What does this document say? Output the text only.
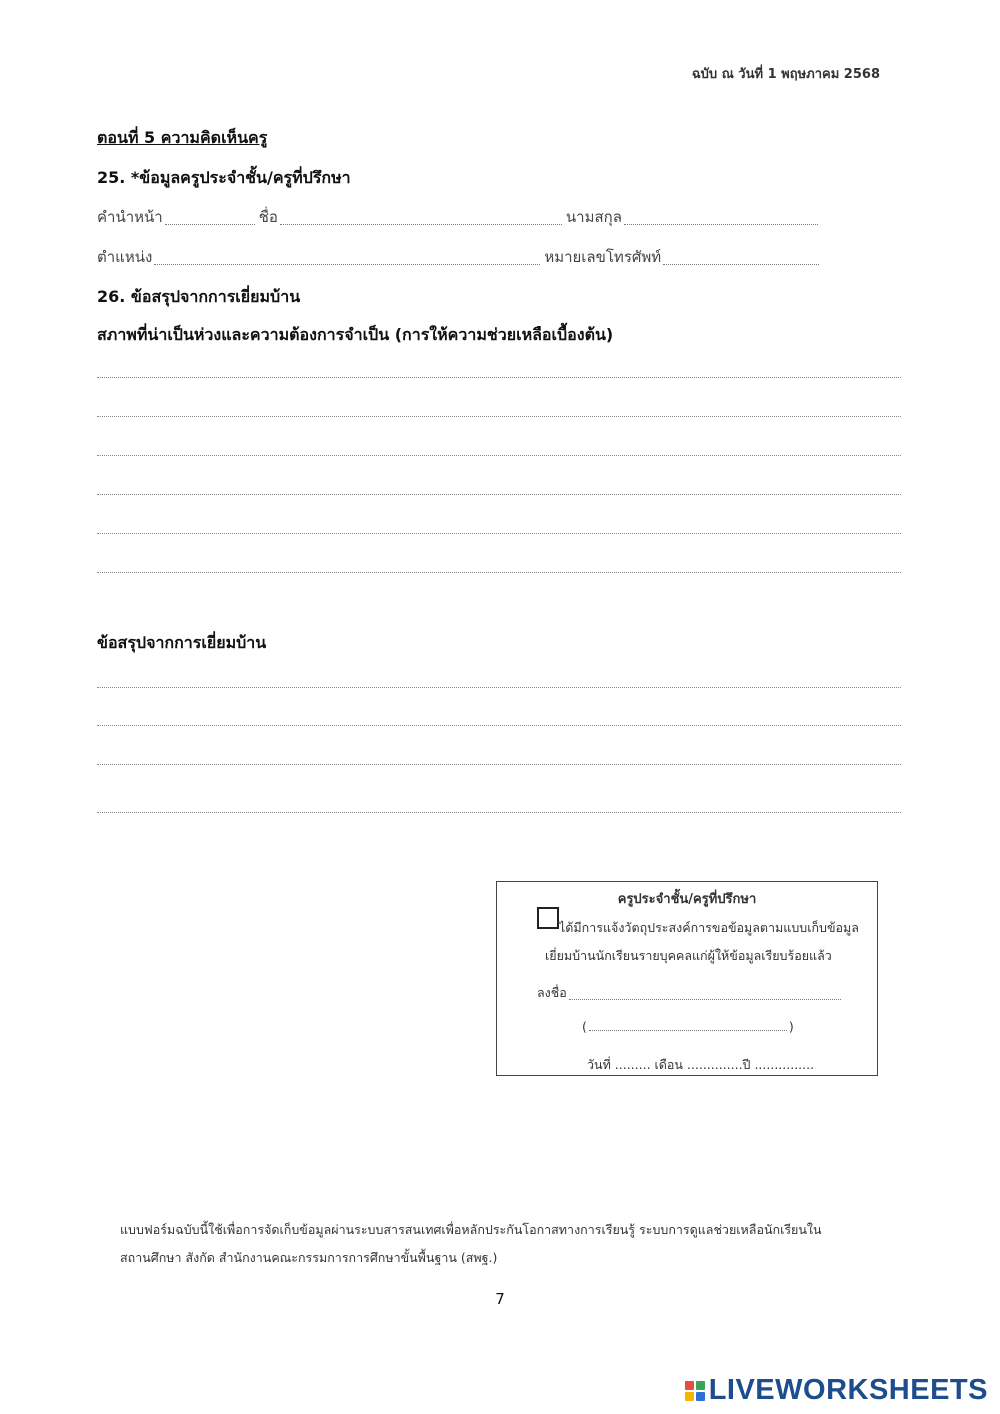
ฉบับ ณ วันที่ 1 พฤษภาคม 2568
ตอนที่ 5 ความคิดเห็นครู
25. *ข้อมูลครูประจำชั้น/ครูที่ปรึกษา
คำนำหน้า	ชื่อ	นามสกุล
ตำแหน่ง	หมายเลขโทรศัพท์
26. ข้อสรุปจากการเยี่ยมบ้าน
สภาพที่น่าเป็นห่วงและความต้องการจำเป็น (การให้ความช่วยเหลือเบื้องต้น)
ข้อสรุปจากการเยี่ยมบ้าน
ครูประจำชั้น/ครูที่ปรึกษา
ได้มีการแจ้งวัตถุประสงค์การขอข้อมูลตามแบบเก็บข้อมูล
เยี่ยมบ้านนักเรียนรายบุคคลแก่ผู้ให้ข้อมูลเรียบร้อยแล้ว
ลงชื่อ
(	)
วันที่ ......... เดือน ..............ปี ...............
แบบฟอร์มฉบับนี้ใช้เพื่อการจัดเก็บข้อมูลผ่านระบบสารสนเทศเพื่อหลักประกันโอกาสทางการเรียนรู้ ระบบการดูแลช่วยเหลือนักเรียนใน
สถานศึกษา สังกัด สำนักงานคณะกรรมการการศึกษาขั้นพื้นฐาน (สพฐ.)
7
LIVEWORKSHEETS
